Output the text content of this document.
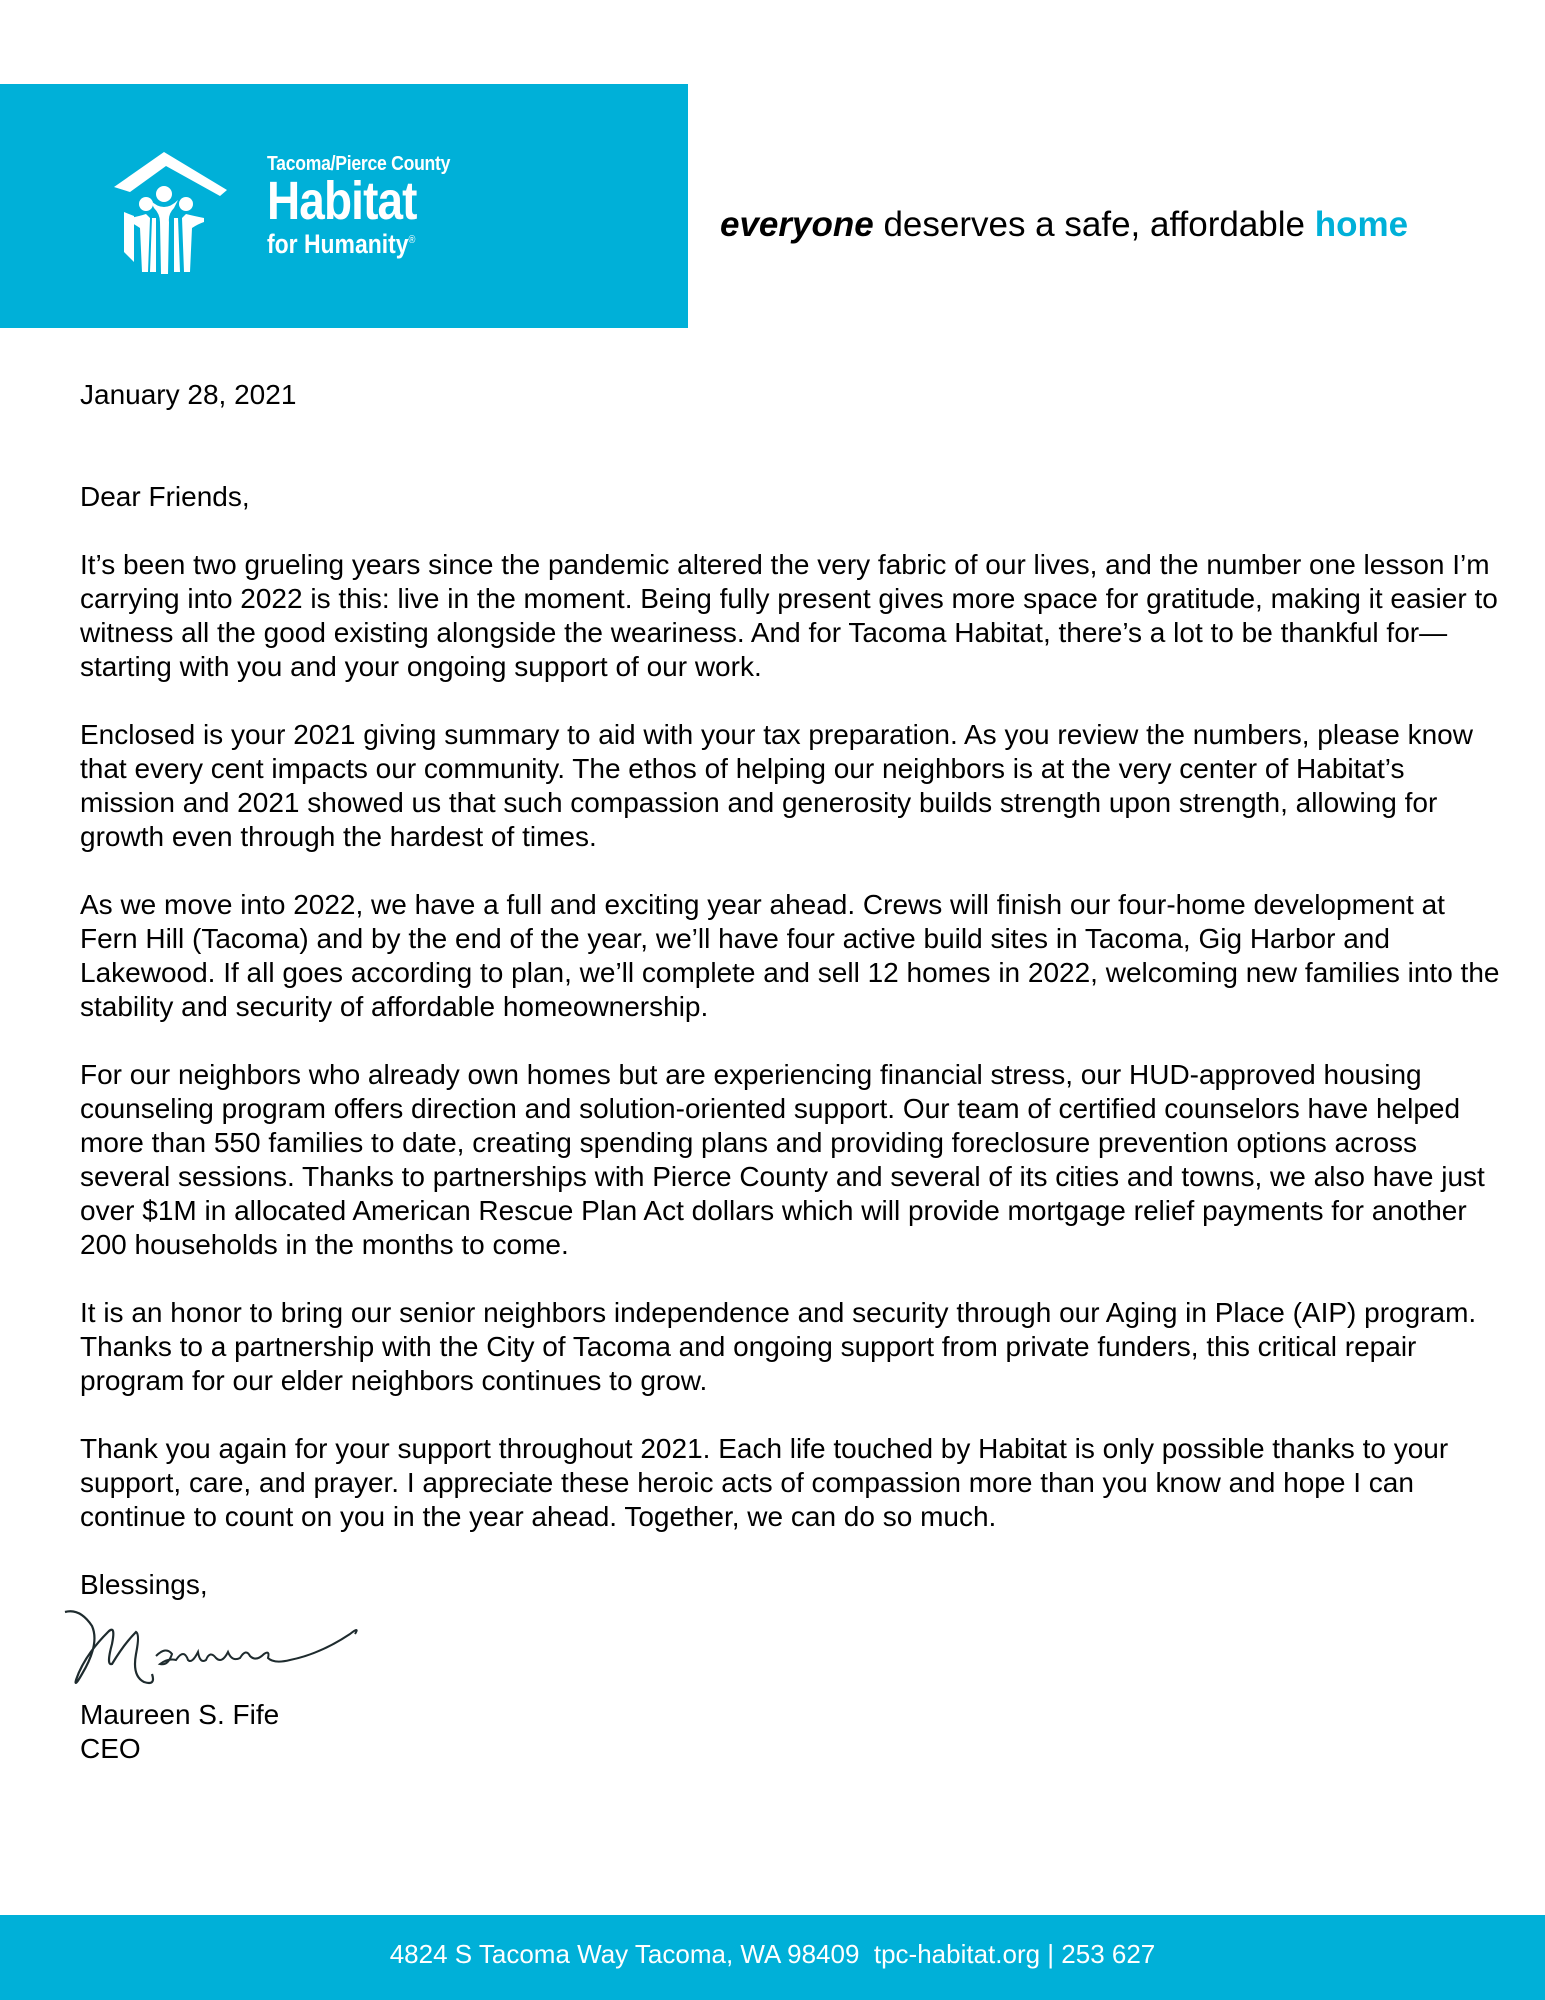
Tacoma/Pierce County
Habitat
for Humanity®	everyone deserves a safe, affordable home

January 28, 2021

Dear Friends,

It’s been two grueling years since the pandemic altered the very fabric of our lives, and the number one lesson I’m carrying into 2022 is this: live in the moment. Being fully present gives more space for gratitude, making it easier to witness all the good existing alongside the weariness. And for Tacoma Habitat, there’s a lot to be thankful for—starting with you and your ongoing support of our work.

Enclosed is your 2021 giving summary to aid with your tax preparation. As you review the numbers, please know that every cent impacts our community. The ethos of helping our neighbors is at the very center of Habitat’s mission and 2021 showed us that such compassion and generosity builds strength upon strength, allowing for growth even through the hardest of times.

As we move into 2022, we have a full and exciting year ahead. Crews will finish our four-home development at Fern Hill (Tacoma) and by the end of the year, we’ll have four active build sites in Tacoma, Gig Harbor and Lakewood. If all goes according to plan, we’ll complete and sell 12 homes in 2022, welcoming new families into the stability and security of affordable homeownership.

For our neighbors who already own homes but are experiencing financial stress, our HUD-approved housing counseling program offers direction and solution-oriented support. Our team of certified counselors have helped more than 550 families to date, creating spending plans and providing foreclosure prevention options across several sessions. Thanks to partnerships with Pierce County and several of its cities and towns, we also have just over $1M in allocated American Rescue Plan Act dollars which will provide mortgage relief payments for another 200 households in the months to come.

It is an honor to bring our senior neighbors independence and security through our Aging in Place (AIP) program. Thanks to a partnership with the City of Tacoma and ongoing support from private funders, this critical repair program for our elder neighbors continues to grow.

Thank you again for your support throughout 2021. Each life touched by Habitat is only possible thanks to your support, care, and prayer. I appreciate these heroic acts of compassion more than you know and hope I can continue to count on you in the year ahead. Together, we can do so much.

Blessings,

Maureen S. Fife

CEO

4824 S Tacoma Way Tacoma, WA 98409  tpc-habitat.org | 253 627
